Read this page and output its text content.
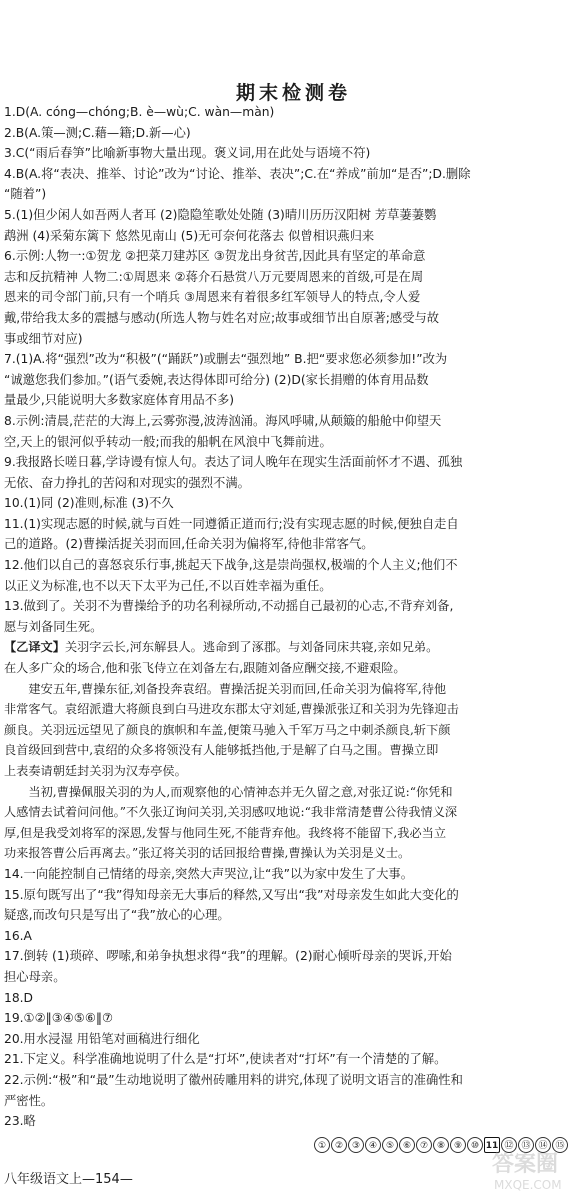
期末检测卷

1.D(A. cóng—chóng;B. è—wù;C. wàn—màn)

2.B(A.策—测;C.藉—籍;D.新—心)

3.C(“雨后春笋”比喻新事物大量出现。褒义词,用在此处与语境不符)

4.B(A.将“表决、推举、讨论”改为“讨论、推举、表决”;C.在“养成”前加“是否”;D.删除

“随着”)

5.(1)但少闲人如吾两人者耳 (2)隐隐笙歌处处随 (3)晴川历历汉阳树 芳草萋萋鹦

鹉洲 (4)采菊东篱下 悠然见南山 (5)无可奈何花落去 似曾相识燕归来

6.示例:人物一:①贺龙 ②把菜刀建苏区 ③贺龙出身贫苦,因此具有坚定的革命意

志和反抗精神 人物二:①周恩来 ②蒋介石悬赏八万元要周恩来的首级,可是在周

恩来的司令部门前,只有一个哨兵 ③周恩来有着很多红军领导人的特点,令人爱

戴,带给我太多的震撼与感动(所选人物与姓名对应;故事或细节出自原著;感受与故

事或细节对应)

7.(1)A.将“强烈”改为“积极”(“踊跃”)或删去“强烈地” B.把“要求您必须参加!”改为

“诚邀您我们参加。”(语气委婉,表达得体即可给分) (2)D(家长捐赠的体育用品数

量最少,只能说明大多数家庭体育用品不多)

8.示例:清晨,茫茫的大海上,云雾弥漫,波涛汹涌。海风呼啸,从颠簸的船舱中仰望天

空,天上的银河似乎转动一般;而我的船帆在风浪中飞舞前进。

9.我报路长嗟日暮,学诗谩有惊人句。表达了词人晚年在现实生活面前怀才不遇、孤独

无依、奋力挣扎的苦闷和对现实的强烈不满。

10.(1)同 (2)准则,标准 (3)不久

11.(1)实现志愿的时候,就与百姓一同遵循正道而行;没有实现志愿的时候,便独自走自

己的道路。(2)曹操活捉关羽而回,任命关羽为偏将军,待他非常客气。

12.他们以自己的喜怒哀乐行事,挑起天下战争,这是崇尚强权,极端的个人主义;他们不

以正义为标准,也不以天下太平为己任,不以百姓幸福为重任。

13.做到了。关羽不为曹操给予的功名利禄所动,不动摇自己最初的心志,不背弃刘备,

愿与刘备同生死。

【乙译文】关羽字云长,河东解县人。逃命到了涿郡。与刘备同床共寝,亲如兄弟。

在人多广众的场合,他和张飞侍立在刘备左右,跟随刘备应酬交接,不避艰险。

建安五年,曹操东征,刘备投奔袁绍。曹操活捉关羽而回,任命关羽为偏将军,待他

非常客气。袁绍派遣大将颜良到白马进攻东郡太守刘延,曹操派张辽和关羽为先锋迎击

颜良。关羽远远望见了颜良的旗帜和车盖,便策马驰入千军万马之中刺杀颜良,斩下颜

良首级回到营中,袁绍的众多将领没有人能够抵挡他,于是解了白马之围。曹操立即

上表奏请朝廷封关羽为汉寿亭侯。

当初,曹操佩服关羽的为人,而观察他的心情神态并无久留之意,对张辽说:“你凭和

人感情去试着问问他。”不久张辽询问关羽,关羽感叹地说:“我非常清楚曹公待我情义深

厚,但是我受刘将军的深恩,发誓与他同生死,不能背弃他。我终将不能留下,我必当立

功来报答曹公后再离去。”张辽将关羽的话回报给曹操,曹操认为关羽是义士。

14.一向能控制自己情绪的母亲,突然大声哭泣,让“我”以为家中发生了大事。

15.原句既写出了“我”得知母亲无大事后的释然,又写出“我”对母亲发生如此大变化的

疑惑,而改句只是写出了“我”放心的心理。

16.A

17.倒转 (1)琐碎、啰嗦,和弟争执想求得“我”的理解。(2)耐心倾听母亲的哭诉,开始

担心母亲。

18.D

19.①②‖③④⑤⑥‖⑦

20.用水浸湿 用铅笔对画稿进行细化

21.下定义。科学准确地说明了什么是“打坏”,使读者对“打坏”有一个清楚的了解。

22.示例:“极”和“最”生动地说明了徽州砖雕用料的讲究,体现了说明文语言的准确性和

严密性。

23.略

① ② ③ ④ ⑤ ⑥ ⑦ ⑧ ⑨ ⑩ 11 ⑫ ⑬ ⑭ ⑮
八年级语文上—154—
答案圈
MXQE.COM
